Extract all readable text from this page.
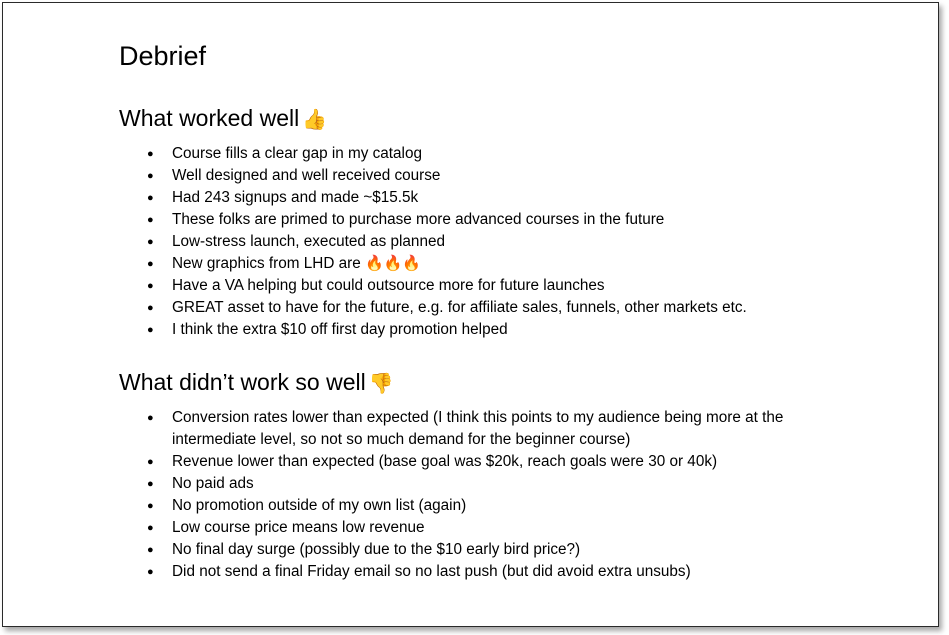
Debrief
What worked well 👍
● Course fills a clear gap in my catalog
● Well designed and well received course
● Had 243 signups and made ~$15.5k
● These folks are primed to purchase more advanced courses in the future
● Low-stress launch, executed as planned
● New graphics from LHD are 🔥🔥🔥
● Have a VA helping but could outsource more for future launches
● GREAT asset to have for the future, e.g. for affiliate sales, funnels, other markets etc.
● I think the extra $10 off first day promotion helped
What didn’t work so well 👎
● Conversion rates lower than expected (I think this points to my audience being more at the intermediate level, so not so much demand for the beginner course)
● Revenue lower than expected (base goal was $20k, reach goals were 30 or 40k)
● No paid ads
● No promotion outside of my own list (again)
● Low course price means low revenue
● No final day surge (possibly due to the $10 early bird price?)
● Did not send a final Friday email so no last push (but did avoid extra unsubs)
